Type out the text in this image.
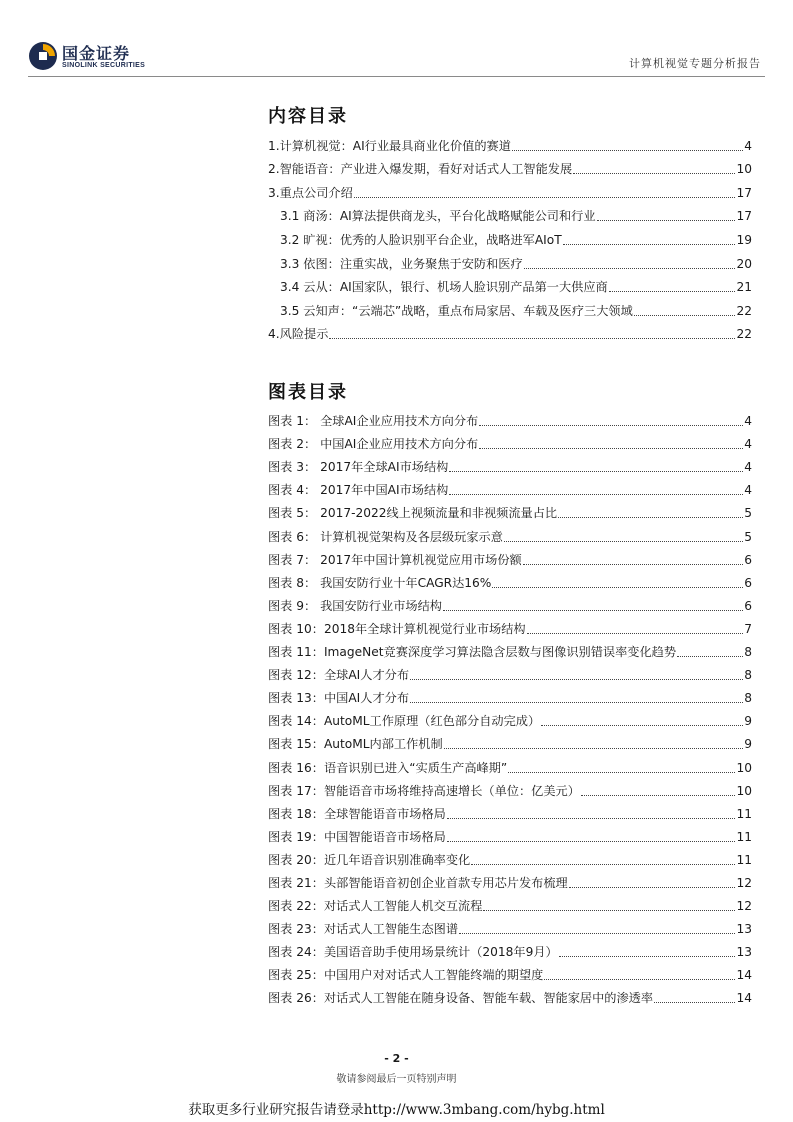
国金证券
SINOLINK SECURITIES	计算机视觉专题分析报告
内容目录
1.计算机视觉：AI行业最具商业化价值的赛道	4
2.智能语音：产业进入爆发期，看好对话式人工智能发展	10
3.重点公司介绍	17
3.1 商汤：AI算法提供商龙头，平台化战略赋能公司和行业	17
3.2 旷视：优秀的人脸识别平台企业，战略进军AIoT	19
3.3 依图：注重实战，业务聚焦于安防和医疗	20
3.4 云从：AI国家队，银行、机场人脸识别产品第一大供应商	21
3.5 云知声：“云端芯”战略，重点布局家居、车载及医疗三大领域	22
4.风险提示	22
图表目录
图表 1： 全球AI企业应用技术方向分布	4
图表 2： 中国AI企业应用技术方向分布	4
图表 3： 2017年全球AI市场结构	4
图表 4： 2017年中国AI市场结构	4
图表 5： 2017-2022线上视频流量和非视频流量占比	5
图表 6： 计算机视觉架构及各层级玩家示意	5
图表 7： 2017年中国计算机视觉应用市场份额	6
图表 8： 我国安防行业十年CAGR达16%	6
图表 9： 我国安防行业市场结构	6
图表 10：2018年全球计算机视觉行业市场结构	7
图表 11：ImageNet竞赛深度学习算法隐含层数与图像识别错误率变化趋势	8
图表 12：全球AI人才分布	8
图表 13：中国AI人才分布	8
图表 14：AutoML工作原理（红色部分自动完成）	9
图表 15：AutoML内部工作机制	9
图表 16：语音识别已进入“实质生产高峰期”	10
图表 17：智能语音市场将维持高速增长（单位：亿美元）	10
图表 18：全球智能语音市场格局	11
图表 19：中国智能语音市场格局	11
图表 20：近几年语音识别准确率变化	11
图表 21：头部智能语音初创企业首款专用芯片发布梳理	12
图表 22：对话式人工智能人机交互流程	12
图表 23：对话式人工智能生态图谱	13
图表 24：美国语音助手使用场景统计（2018年9月）	13
图表 25：中国用户对对话式人工智能终端的期望度	14
图表 26：对话式人工智能在随身设备、智能车载、智能家居中的渗透率	14
- 2 -
敬请参阅最后一页特别声明
获取更多行业研究报告请登录http://www.3mbang.com/hybg.html
